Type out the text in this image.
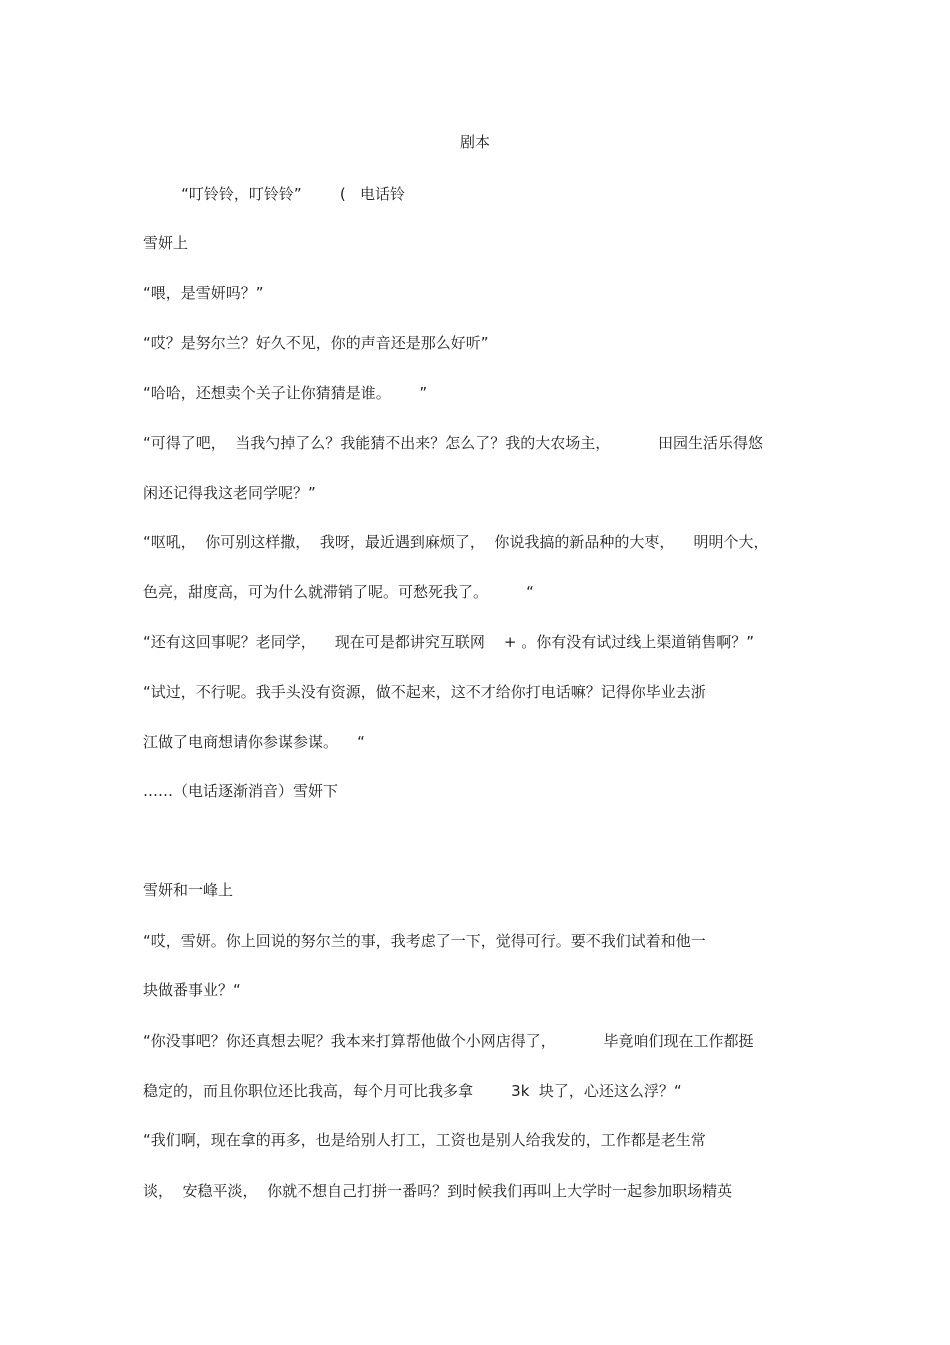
剧本
“叮铃铃，叮铃铃”        (   电话铃
雪妍上
“喂，是雪妍吗？”
“哎？是努尔兰？好久不见，你的声音还是那么好听”
“哈哈，还想卖个关子让你猜猜是谁。      ”
“可得了吧，  当我勺掉了么？我能猜不出来？怎么了？我的大农场主，          田园生活乐得悠
闲还记得我这老同学呢？”
“呕吼，  你可别这样撒，  我呀，最近遇到麻烦了，  你说我搞的新品种的大枣，    明明个大，
色亮，甜度高，可为什么就滞销了呢。可愁死我了。        “
“还有这回事呢？老同学，    现在可是都讲究互联网    + 。你有没有试过线上渠道销售啊？”
“试过，不行呢。我手头没有资源，做不起来，这不才给你打电话嘛？记得你毕业去浙
江做了电商想请你参谋参谋。    “
……（电话逐渐消音）雪妍下
雪妍和一峰上
“哎，雪妍。你上回说的努尔兰的事，我考虑了一下，觉得可行。要不我们试着和他一
块做番事业？“
“你没事吧？你还真想去呢？我本来打算帮他做个小网店得了，          毕竟咱们现在工作都挺
稳定的，而且你职位还比我高，每个月可比我多拿        3k  块了，心还这么浮？“
“我们啊，现在拿的再多，也是给别人打工，工资也是别人给我发的，工作都是老生常
谈，  安稳平淡，  你就不想自己打拼一番吗？到时候我们再叫上大学时一起参加职场精英
